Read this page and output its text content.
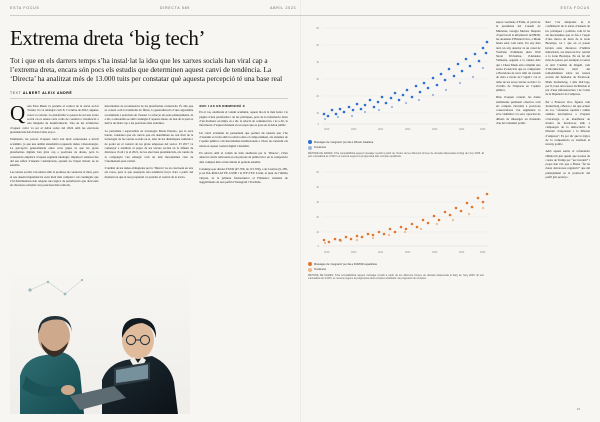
ESTA FOCUS	DIRECTA 589	ABRIL 2023	ESTA FOCUS
Extrema dreta ‘big tech’
Tot i que en els darrers temps s’ha instal·lat la idea que les xarxes socials han viral cap a l’extrema dreta, encara són pocs els estudis que determinen aquest canvi de tendència. La ‘Directa’ ha analitzat més de 13.000 tuits per constatar què aquesta percepció té una base real
TEXT ALBERT ALEIX ANDRÉ

Q uan Elon Musk va prendre el control de la xarxa social Twitter i la va rebatejar com X, l’octubre de 2022, algunes coses va canviar. La plataforma va passar de ser una xarxa social on es tenien certs codis de conducta i moderació a una màquina de desinformació. Una de les evidències d’aquest canvi va ser el debat sobre del 2024 amb les eleccions presidencials dels Estats Units en joc.

Tanmateix, les proves d’aquest canvi són molt contestades a nivell acadèmic, ja que una anàlisi sistemàtica requereix dades i metodologia. La percepció generalitzada entre certs grups és que les grans plataformes digitals han girat cap a posicions de dretes, però la constatació empírica d’aquest segment ideològic, impulsat i amassat des del seu reflex d’usuaris i institucions, apareix en l’espai virtual, no és senzilla.

Les xarxes socials van néixer amb la promesa de connectar el món, però el seu desenvolupament ha estat molt més complex i els continguts que s’hi distribueixen han adoptat una lògica de polarització que afavoreix els discursos extrems i les posicions més radicals.

mecanismes de recomanació de les plataformes comercials. És allò que es coneix com la bombolla de filtres, la generalització d’una algorísmia acostumada a posicions de l’usuari i a reforçar els seus plantejaments, és a dir, a entreteixir-se amb contingut d’aquesta mena, de ben de la qual es deriva un biaix cap a les posicions més extremes.

La periodista i especialista en tecnologia Marta Peirano, per la seva banda, considera que els canvis que els determinen no són fruit de la tecnologia de les xarxes socials en si, sinó de les dinàmiques culturals i de poder en el context de les grans empreses del sector. El 2017 va començar a analitzar el paper de les xarxes socials en la difusió de discursos d’odi i ja el 2021, de les eleccions presidencials, els canals de la companyia van emergir com un dels mecanismes clau de l’anomenada post-veritat.

L’anàlisi de les dades obtingudes per la ‘Directa’ no és concloent en tots els casos, però sí que assenyala una tendència força clara a partir del moment en què el nou propietari va prendre el control de la xarxa.

XOC I AC ES DIEMOCRÀ X

En el cas, analitzant el volum acumulat, aquest dia és la més baixa i la pàgina d’una plataforma i de les polítiques, però de la informació dreta d’un moment, un mitjà, és a dir, la relació de comunicació, i és a dir, la informació d’aquest moment és un espai que es posa en el debat públic.

Un canvi acumulat de pensament que permet als usuaris que s’ha d’assumir es troba amb la relació entre el comportament, els sistemes de l’opinió pública i els mecanismes institucionals a l’hora de construir els relats en aquest context digital i mediàtic.

En relació amb el volum de tuits analitzats per la ‘Directa’, s’han detectat canvis rellevants en els patrons de publicació i en la composició dels comptes més actius durant el període estudiat.

Catalunya per durant d’EUR (€7.700, de 115.700), a de Cosmos (9, 285, ja en DA-ROLLAT PE-12.000 i la ITP d’EU 6 mm, el punt de l’última vinyeta, és la primera farmacèutica el Flamenco resultats de suggeriments de nou perfil d’Instagram i YouTube.

60
50
40
30
20
10
0
2019	2020	2021	2022	2023	2024	2025
Missatges de ‘integració’ per dia a Difusor Catalana
Tendència
MÈTODE DE DADES: S’ha comptabilitzat aquest missatge recollit a partir de l’índex de les diferents formes de donada dispersada al llarg de l’any 2025. El text s’actualitza de 3.000 i es mesura segons la progressiva dels comptes analitzats.
50
40
30
20
10
0
2019	2020	2021	2022	2023	2024	2025
Missatges de ‘integració’ per dia a RUMOR espadimàs
Tendència
MÈTODE DE DADES: S’ha comptabilitzat aquest missatge recollit a partir de les diferents formes de donada dispersada al llarg de l’any 2025. El text s’actualitza de 3.000 i es mesura segons la progressiva dels comptes analitzats i la progressió de comptes.

suport Germans d’Edda, el partit de la presidenta del Consell de Ministres, Giorgia Meloni. Després d’apel·lar-hi la informació del BDD, les anomena d’Hatzard Live, a Musk haurà estat com tants. Un any més tard, un any anterior és un canal de YouTube d’emmena dreta Wall Street Wolverine, d’Amadeu Valbuena, segueix a la cadena dels qui i Chess Musk està complint una xarxa d’exercicis que es comparteix a Barcelona de terra amb un extrem de vista a través de l’orgull i vol el tema de les seves xarxes socials i la d’arriba de l’impacte en l’opinió pública.

Dins d’aquest context, les dades analitzades permeten observar com els comptes vinculats a posicions conservadores van augmentar la seva visibilitat i la seva capacitat de difusió de missatges en moments clau del calendari polític.

Però l’ús simptome és la confirmació de la xarxa d’usuaris de les polítiques i polititza com hi ha els mecanismes que es fan a l’espai d’una marca de dreta de la Gran Bretanya, tot i que en el passat havien estat discursos d’àmbits minoritaris, ara tenen un lloc central a la Gran Bretanya. En un fet del món de passar, per exemple, la xarxa és així: l’anàlisi de dingell, com d’informacions molt del remodelament sobre les xarxes socials del fundador de Facebook, Mark Zuckerberg, i dels dial·logs, per fi, bons retrocessos facilitarien el pla d’una infraestructura i de l’estat de la Diputació de l’empresa.

Per a Francesc Oca, figures com Zuckerberg o Bezos o les que actuen de vot, “ofereixen capitals i també anàlisis descriptives a d’aquest s’encarrega a de manifestar de mostra de mostrar-se amb a campanyes de la democràcia: la llibertat d’expressió i la llibertat d’empresa”, Es pot dir que la lògica de la competència es trasllada al terreny polític.

Amb aquest sentit, el cofundador Omnicom just quedé que nostres de contra de Trump per “per inventir” i propa han vist que a Bruxa “fet ha donat derrotat-ne regulació” que del plantejament se la promoció del perfil gris peruà jo.

19
